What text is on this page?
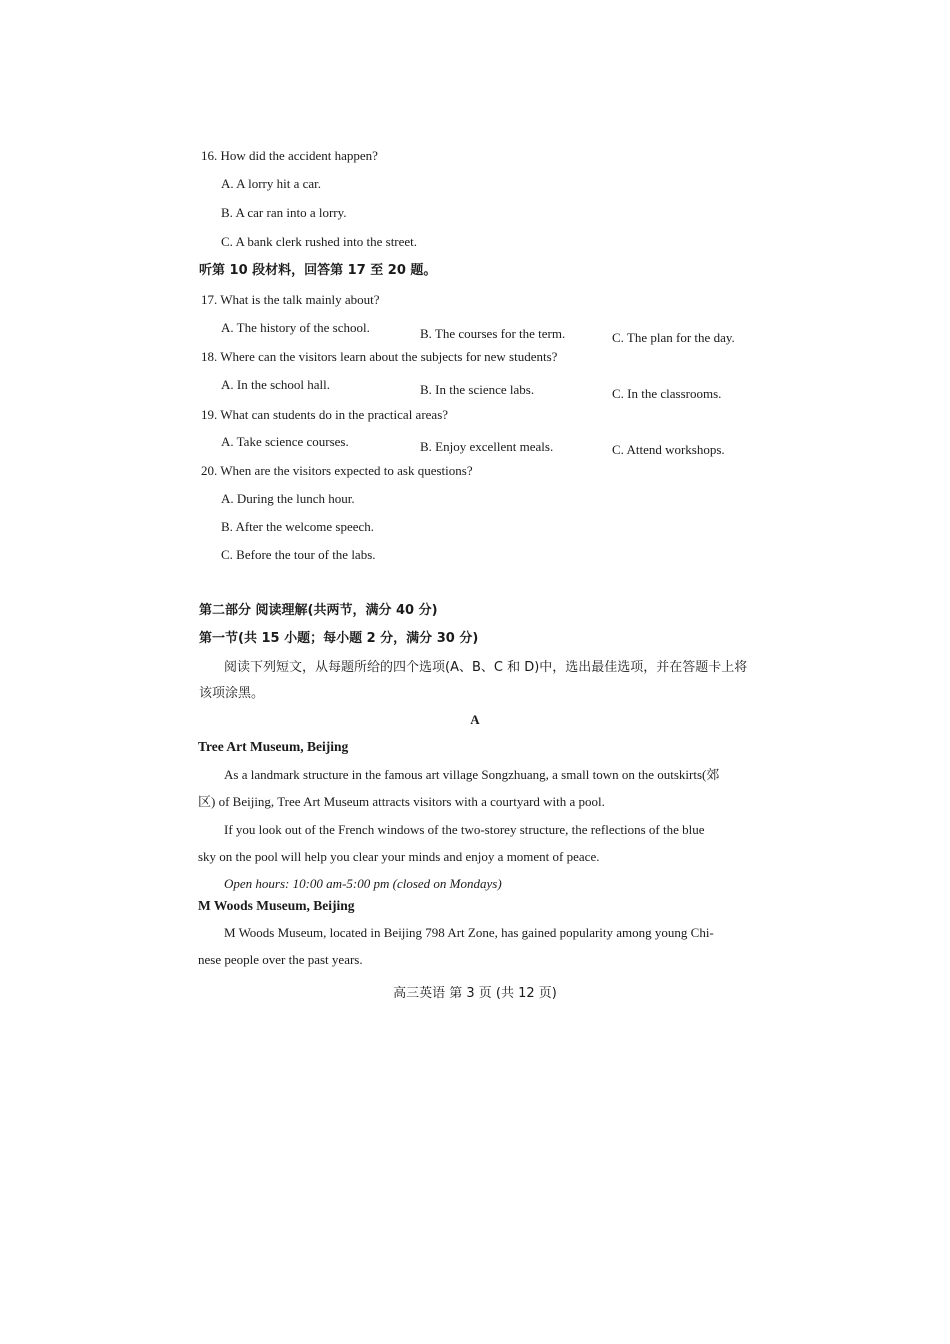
16. How did the accident happen?
A. A lorry hit a car.
B. A car ran into a lorry.
C. A bank clerk rushed into the street.
听第 10 段材料，回答第 17 至 20 题。
17. What is the talk mainly about?
A. The history of the school.	B. The courses for the term.	C. The plan for the day.
18. Where can the visitors learn about the subjects for new students?
A. In the school hall.	B. In the science labs.	C. In the classrooms.
19. What can students do in the practical areas?
A. Take science courses.	B. Enjoy excellent meals.	C. Attend workshops.
20. When are the visitors expected to ask questions?
A. During the lunch hour.
B. After the welcome speech.
C. Before the tour of the labs.
第二部分 阅读理解(共两节，满分 40 分)
第一节(共 15 小题；每小题 2 分，满分 30 分)
阅读下列短文，从每题所给的四个选项(A、B、C 和 D)中，选出最佳选项，并在答题卡上将
该项涂黑。
A
Tree Art Museum, Beijing
As a landmark structure in the famous art village Songzhuang, a small town on the outskirts(郊
区) of Beijing, Tree Art Museum attracts visitors with a courtyard with a pool.
If you look out of the French windows of the two-storey structure, the reflections of the blue
sky on the pool will help you clear your minds and enjoy a moment of peace.
Open hours: 10:00 am-5:00 pm (closed on Mondays)
M Woods Museum, Beijing
M Woods Museum, located in Beijing 798 Art Zone, has gained popularity among young Chi-
nese people over the past years.
高三英语 第 3 页 (共 12 页)
